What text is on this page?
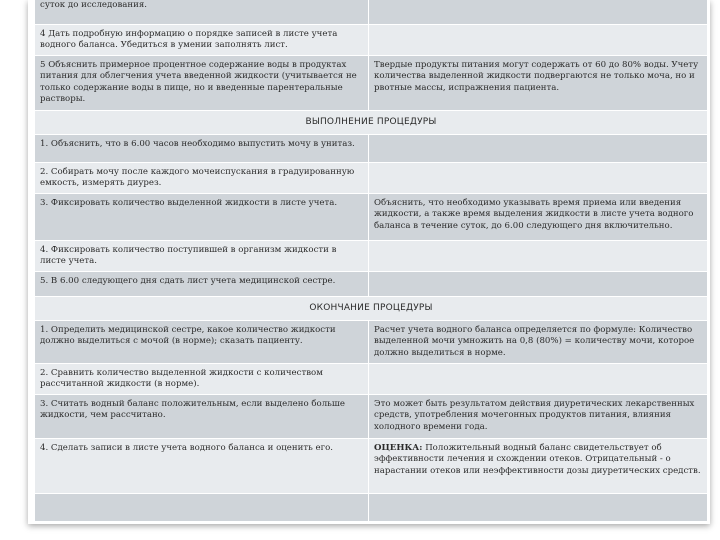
суток до исследования.	
4 Дать подробную информацию о порядке записей в листе учета водного баланса. Убедиться в умении заполнять лист.	
5 Объяснить примерное процентное содержание воды в продуктах питания для облегчения учета введенной жидкости (учитывается не только содержание воды в пище, но и введенные парентеральные растворы.	Твердые продукты питания могут содержать от 60 до 80% воды. Учету количества выделенной жидкости подвергаются не только моча, но и рвотные массы, испражнения пациента.
ВЫПОЛНЕНИЕ ПРОЦЕДУРЫ	
1. Объяснить, что в 6.00 часов необходимо выпустить мочу в унитаз.	
2. Собирать мочу после каждого мочеиспускания в градуированную емкость, измерять диурез.	
3. Фиксировать количество выделенной жидкости в листе учета.	Объяснить, что необходимо указывать время приема или введения жидкости, а также время выделения жидкости в листе учета водного баланса в течение суток, до 6.00 следующего дня включительно.
4. Фиксировать количество поступившей в организм жидкости в листе учета.	
5. В 6.00 следующего дня сдать лист учета медицинской сестре.	
ОКОНЧАНИЕ ПРОЦЕДУРЫ	
1. Определить медицинской сестре, какое количество жидкости должно выделиться с мочой (в норме); сказать пациенту.	Расчет учета водного баланса определяется по формуле: Количество выделенной мочи умножить на 0,8 (80%) = количеству мочи, которое должно выделиться в норме.
2. Сравнить количество выделенной жидкости с количеством рассчитанной жидкости (в норме).	
3. Считать водный баланс положительным, если выделено больше жидкости, чем рассчитано.	Это может быть результатом действия диуретических лекарственных средств, употребления мочегонных продуктов питания, влияния холодного времени года.
4. Сделать записи в листе учета водного баланса и оценить его.	ОЦЕНКА: Положительный водный баланс свидетельствует об эффективности лечения и схождении отеков. Отрицательный - о нарастании отеков или неэффективности дозы диуретических средств.
